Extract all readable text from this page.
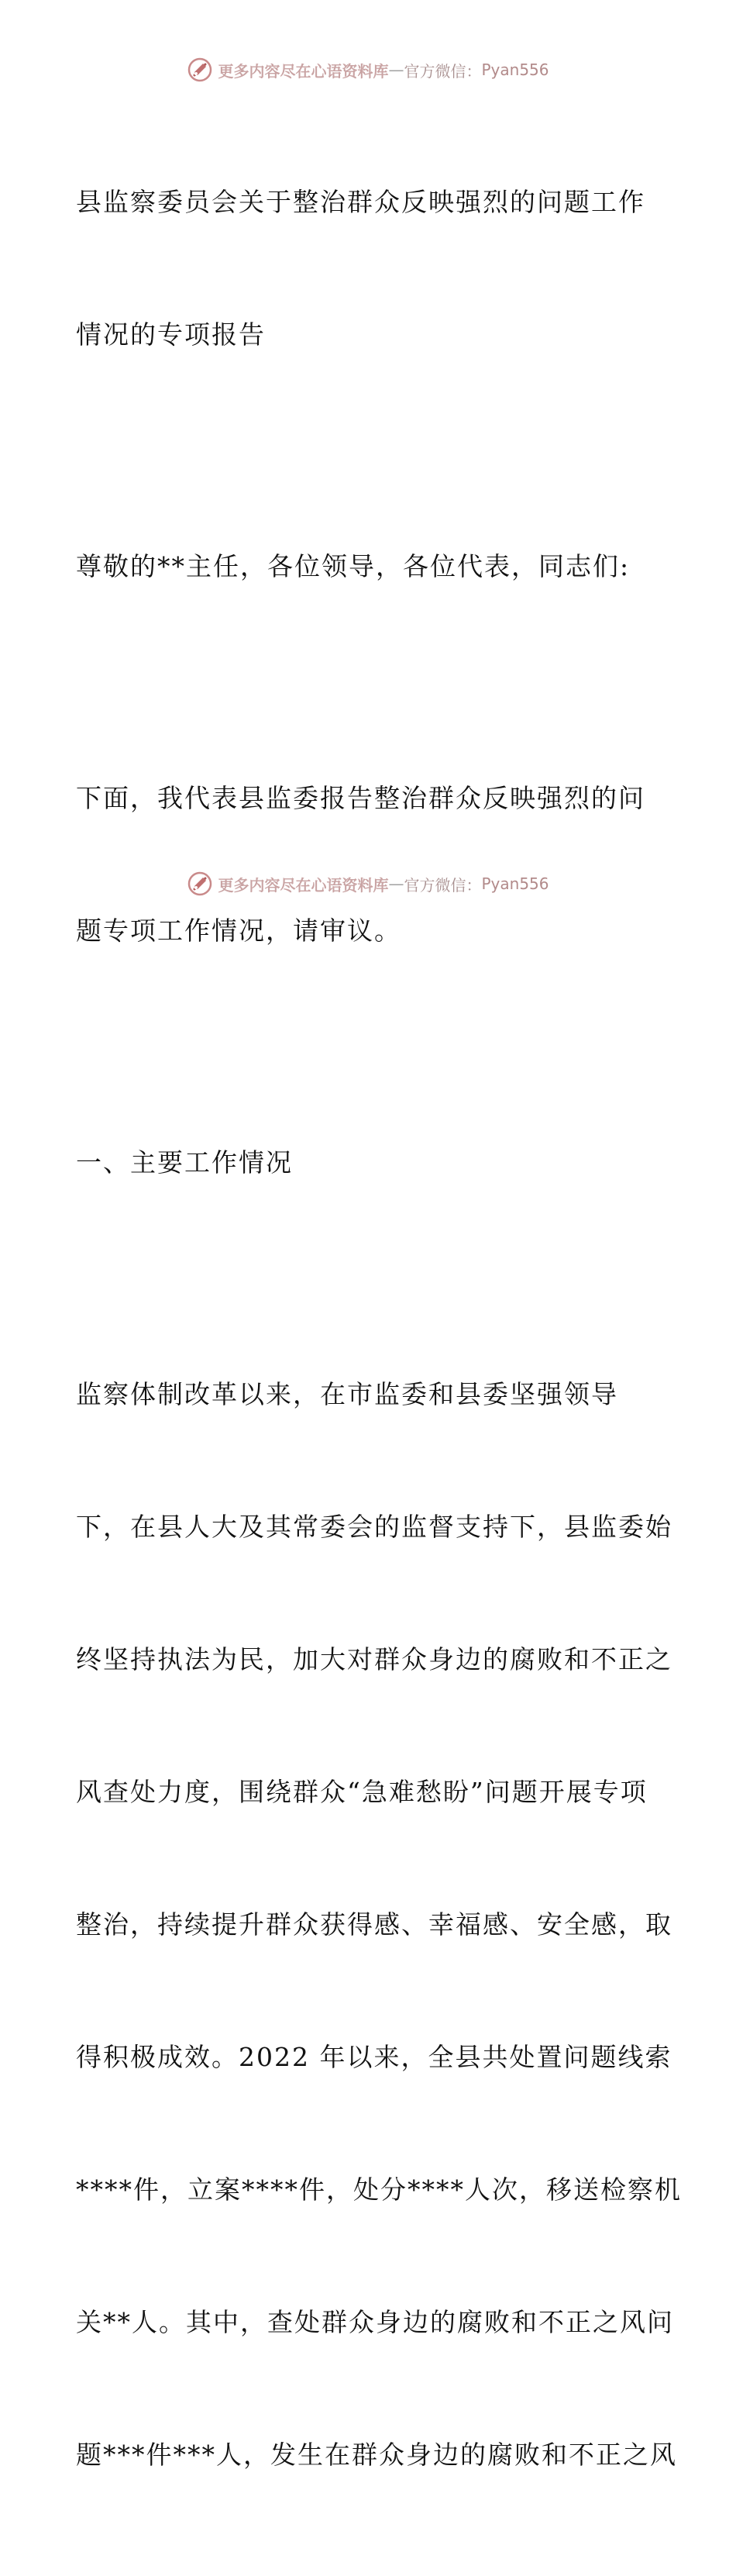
更多内容尽在心语资料库 — 官方微信： Pyan556

县监察委员会关于整治群众反映强烈的问题工作

情况的专项报告

尊敬的**主任，各位领导，各位代表，同志们:

下面，我代表县监委报告整治群众反映强烈的问

题专项工作情况，请审议。

一、主要工作情况

监察体制改革以来，在市监委和县委坚强领导

下，在县人大及其常委会的监督支持下，县监委始

终坚持执法为民，加大对群众身边的腐败和不正之

风查处力度，围绕群众“急难愁盼”问题开展专项

整治，持续提升群众获得感、幸福感、安全感，取

得积极成效。2022 年以来，全县共处置问题线索

****件，立案****件，处分****人次，移送检察机

关**人。其中，查处群众身边的腐败和不正之风问

题***件***人，发生在群众身边的腐败和不正之风

更多内容尽在心语资料库 — 官方微信： Pyan556
